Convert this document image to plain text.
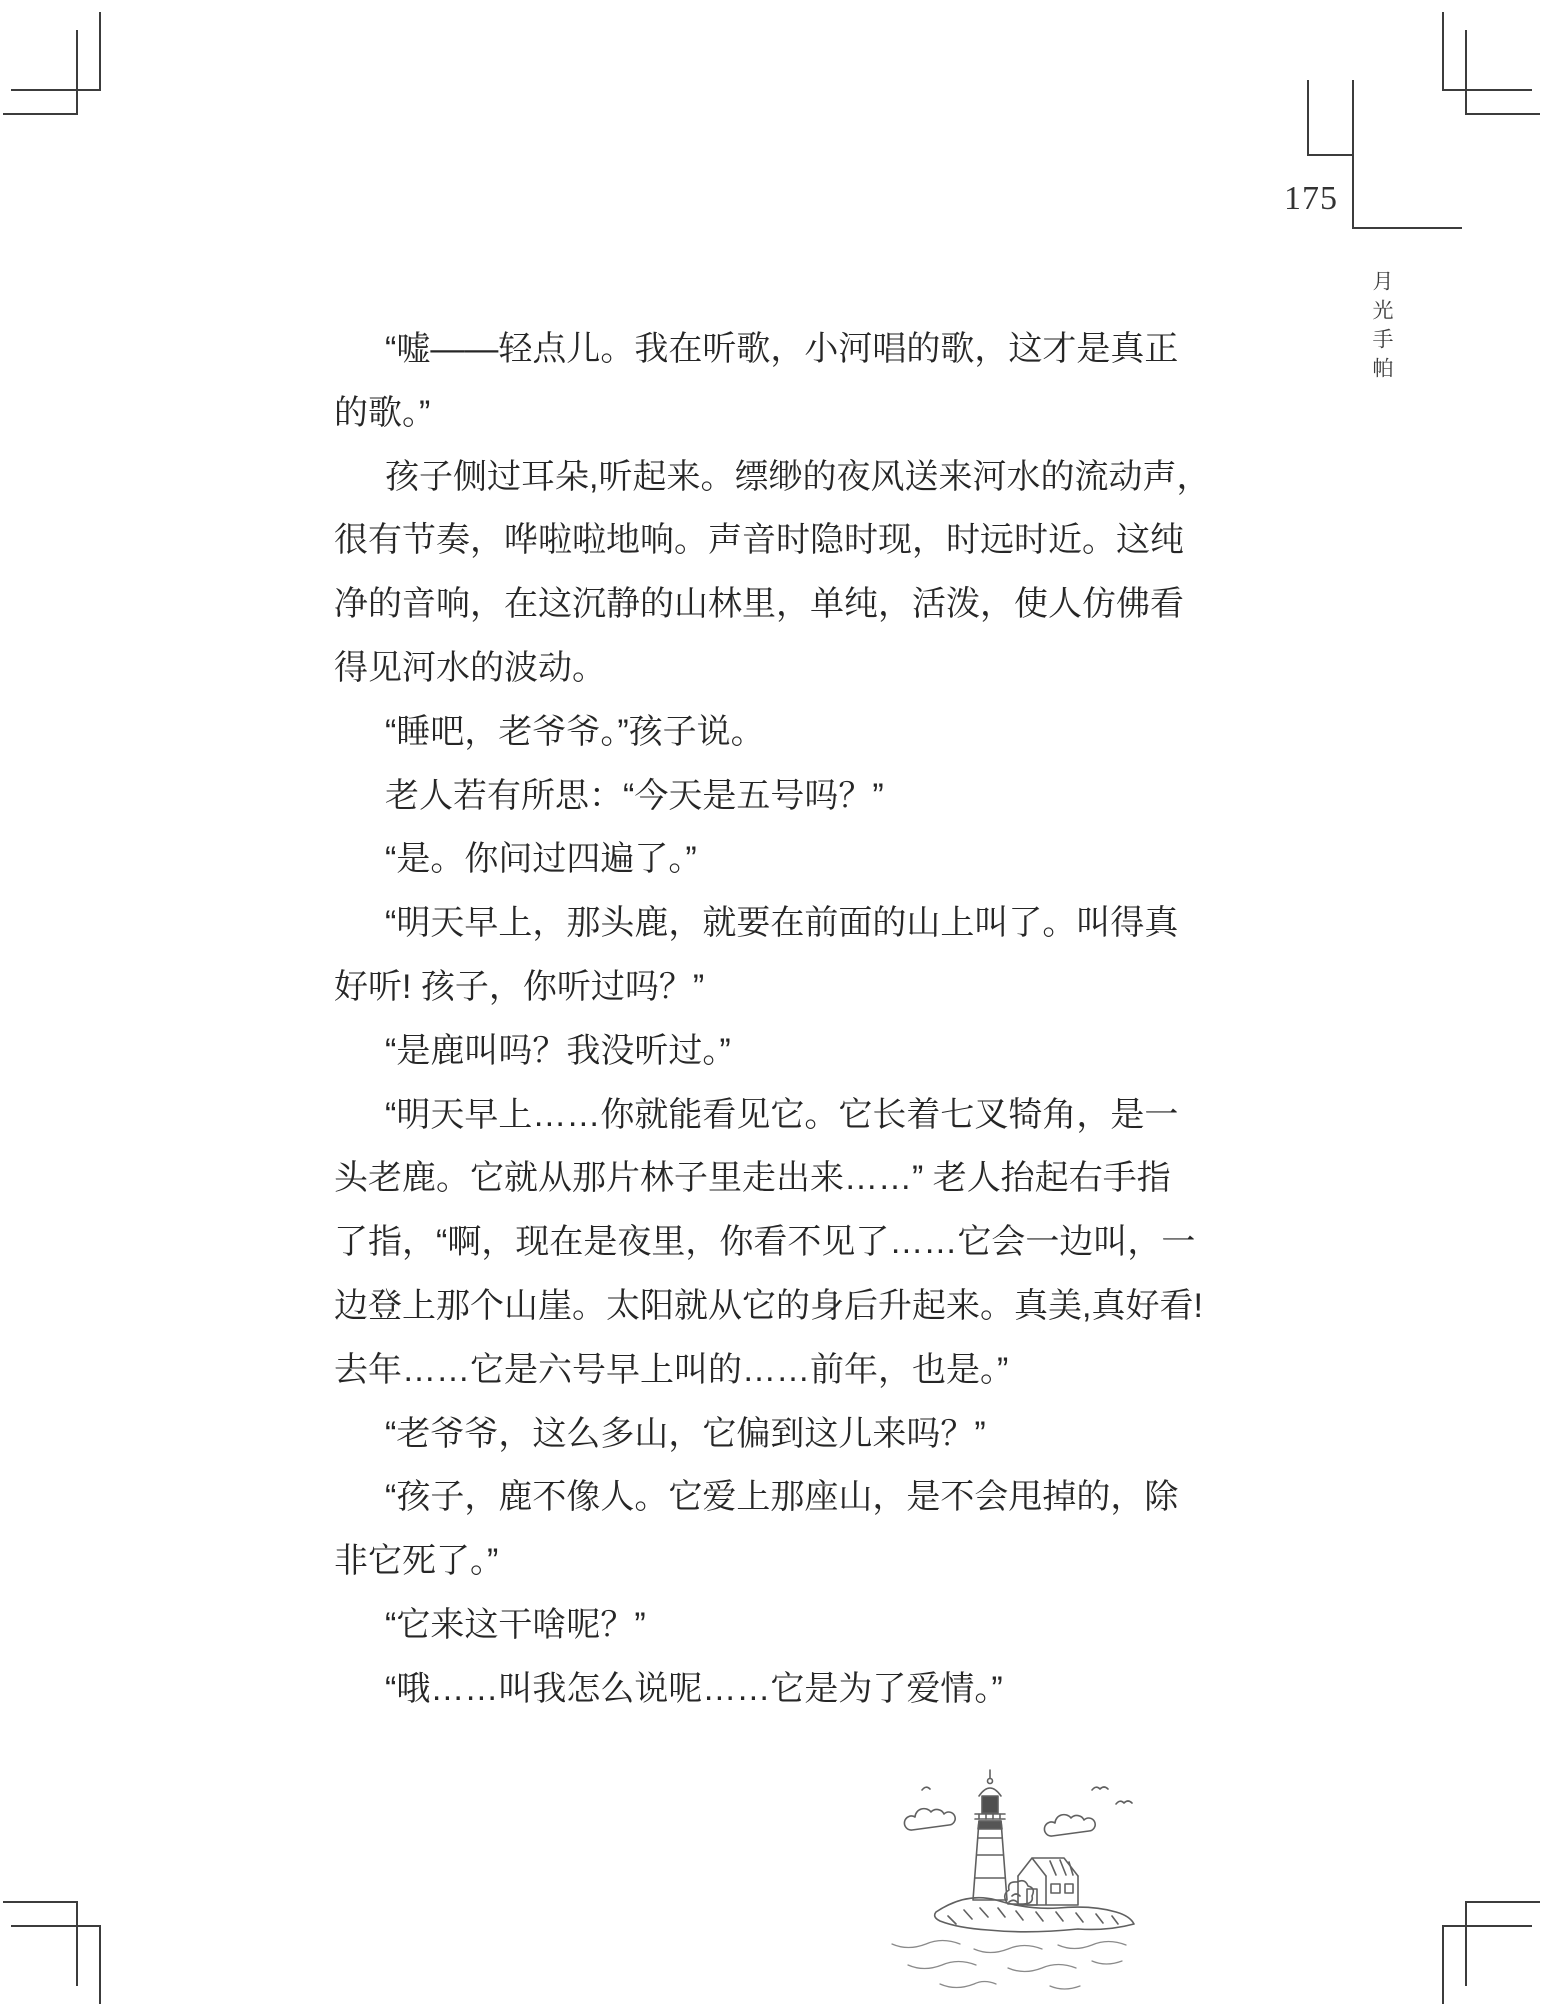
175
月光手帕
“嘘——轻点儿。我在听歌，小河唱的歌，这才是真正
的歌。”
孩子侧过耳朵,听起来。缥缈的夜风送来河水的流动声，
很有节奏，哗啦啦地响。声音时隐时现，时远时近。这纯
净的音响，在这沉静的山林里，单纯，活泼，使人仿佛看
得见河水的波动。
“睡吧，老爷爷。”孩子说。
老人若有所思：“今天是五号吗？”
“是。你问过四遍了。”
“明天早上，那头鹿，就要在前面的山上叫了。叫得真
好听! 孩子，你听过吗？”
“是鹿叫吗？我没听过。”
“明天早上……你就能看见它。它长着七叉犄角，是一
头老鹿。它就从那片林子里走出来……” 老人抬起右手指
了指，“啊，现在是夜里，你看不见了……它会一边叫，一
边登上那个山崖。太阳就从它的身后升起来。真美,真好看!
去年……它是六号早上叫的……前年，也是。”
“老爷爷，这么多山，它偏到这儿来吗？”
“孩子，鹿不像人。它爱上那座山，是不会甩掉的，除
非它死了。”
“它来这干啥呢？”
“哦……叫我怎么说呢……它是为了爱情。”
